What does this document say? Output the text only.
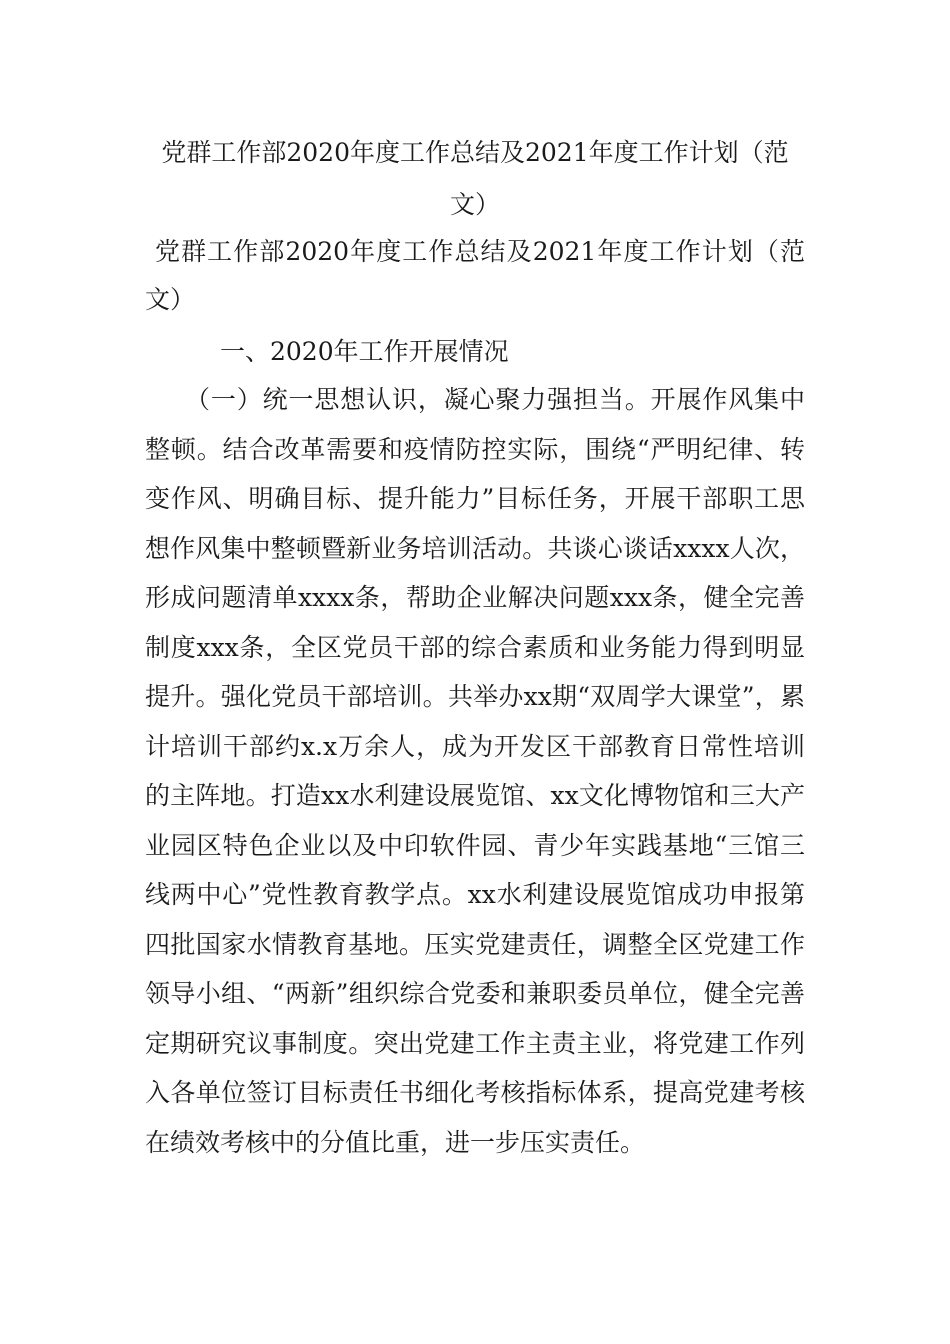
党群工作部2020年度工作总结及2021年度工作计划（范文）

党群工作部2020年度工作总结及2021年度工作计划（范文）

一、2020年工作开展情况

（一）统一思想认识，凝心聚力强担当。开展作风集中整顿。结合改革需要和疫情防控实际，围绕“严明纪律、转变作风、明确目标、提升能力”目标任务，开展干部职工思想作风集中整顿暨新业务培训活动。共谈心谈话xxxx人次，形成问题清单xxxx条，帮助企业解决问题xxx条，健全完善制度xxx条，全区党员干部的综合素质和业务能力得到明显提升。强化党员干部培训。共举办xx期“双周学大课堂”，累计培训干部约x.x万余人，成为开发区干部教育日常性培训的主阵地。打造xx水利建设展览馆、xx文化博物馆和三大产业园区特色企业以及中印软件园、青少年实践基地“三馆三线两中心”党性教育教学点。xx水利建设展览馆成功申报第四批国家水情教育基地。压实党建责任，调整全区党建工作领导小组、“两新”组织综合党委和兼职委员单位，健全完善定期研究议事制度。突出党建工作主责主业，将党建工作列入各单位签订目标责任书细化考核指标体系，提高党建考核在绩效考核中的分值比重，进一步压实责任。
